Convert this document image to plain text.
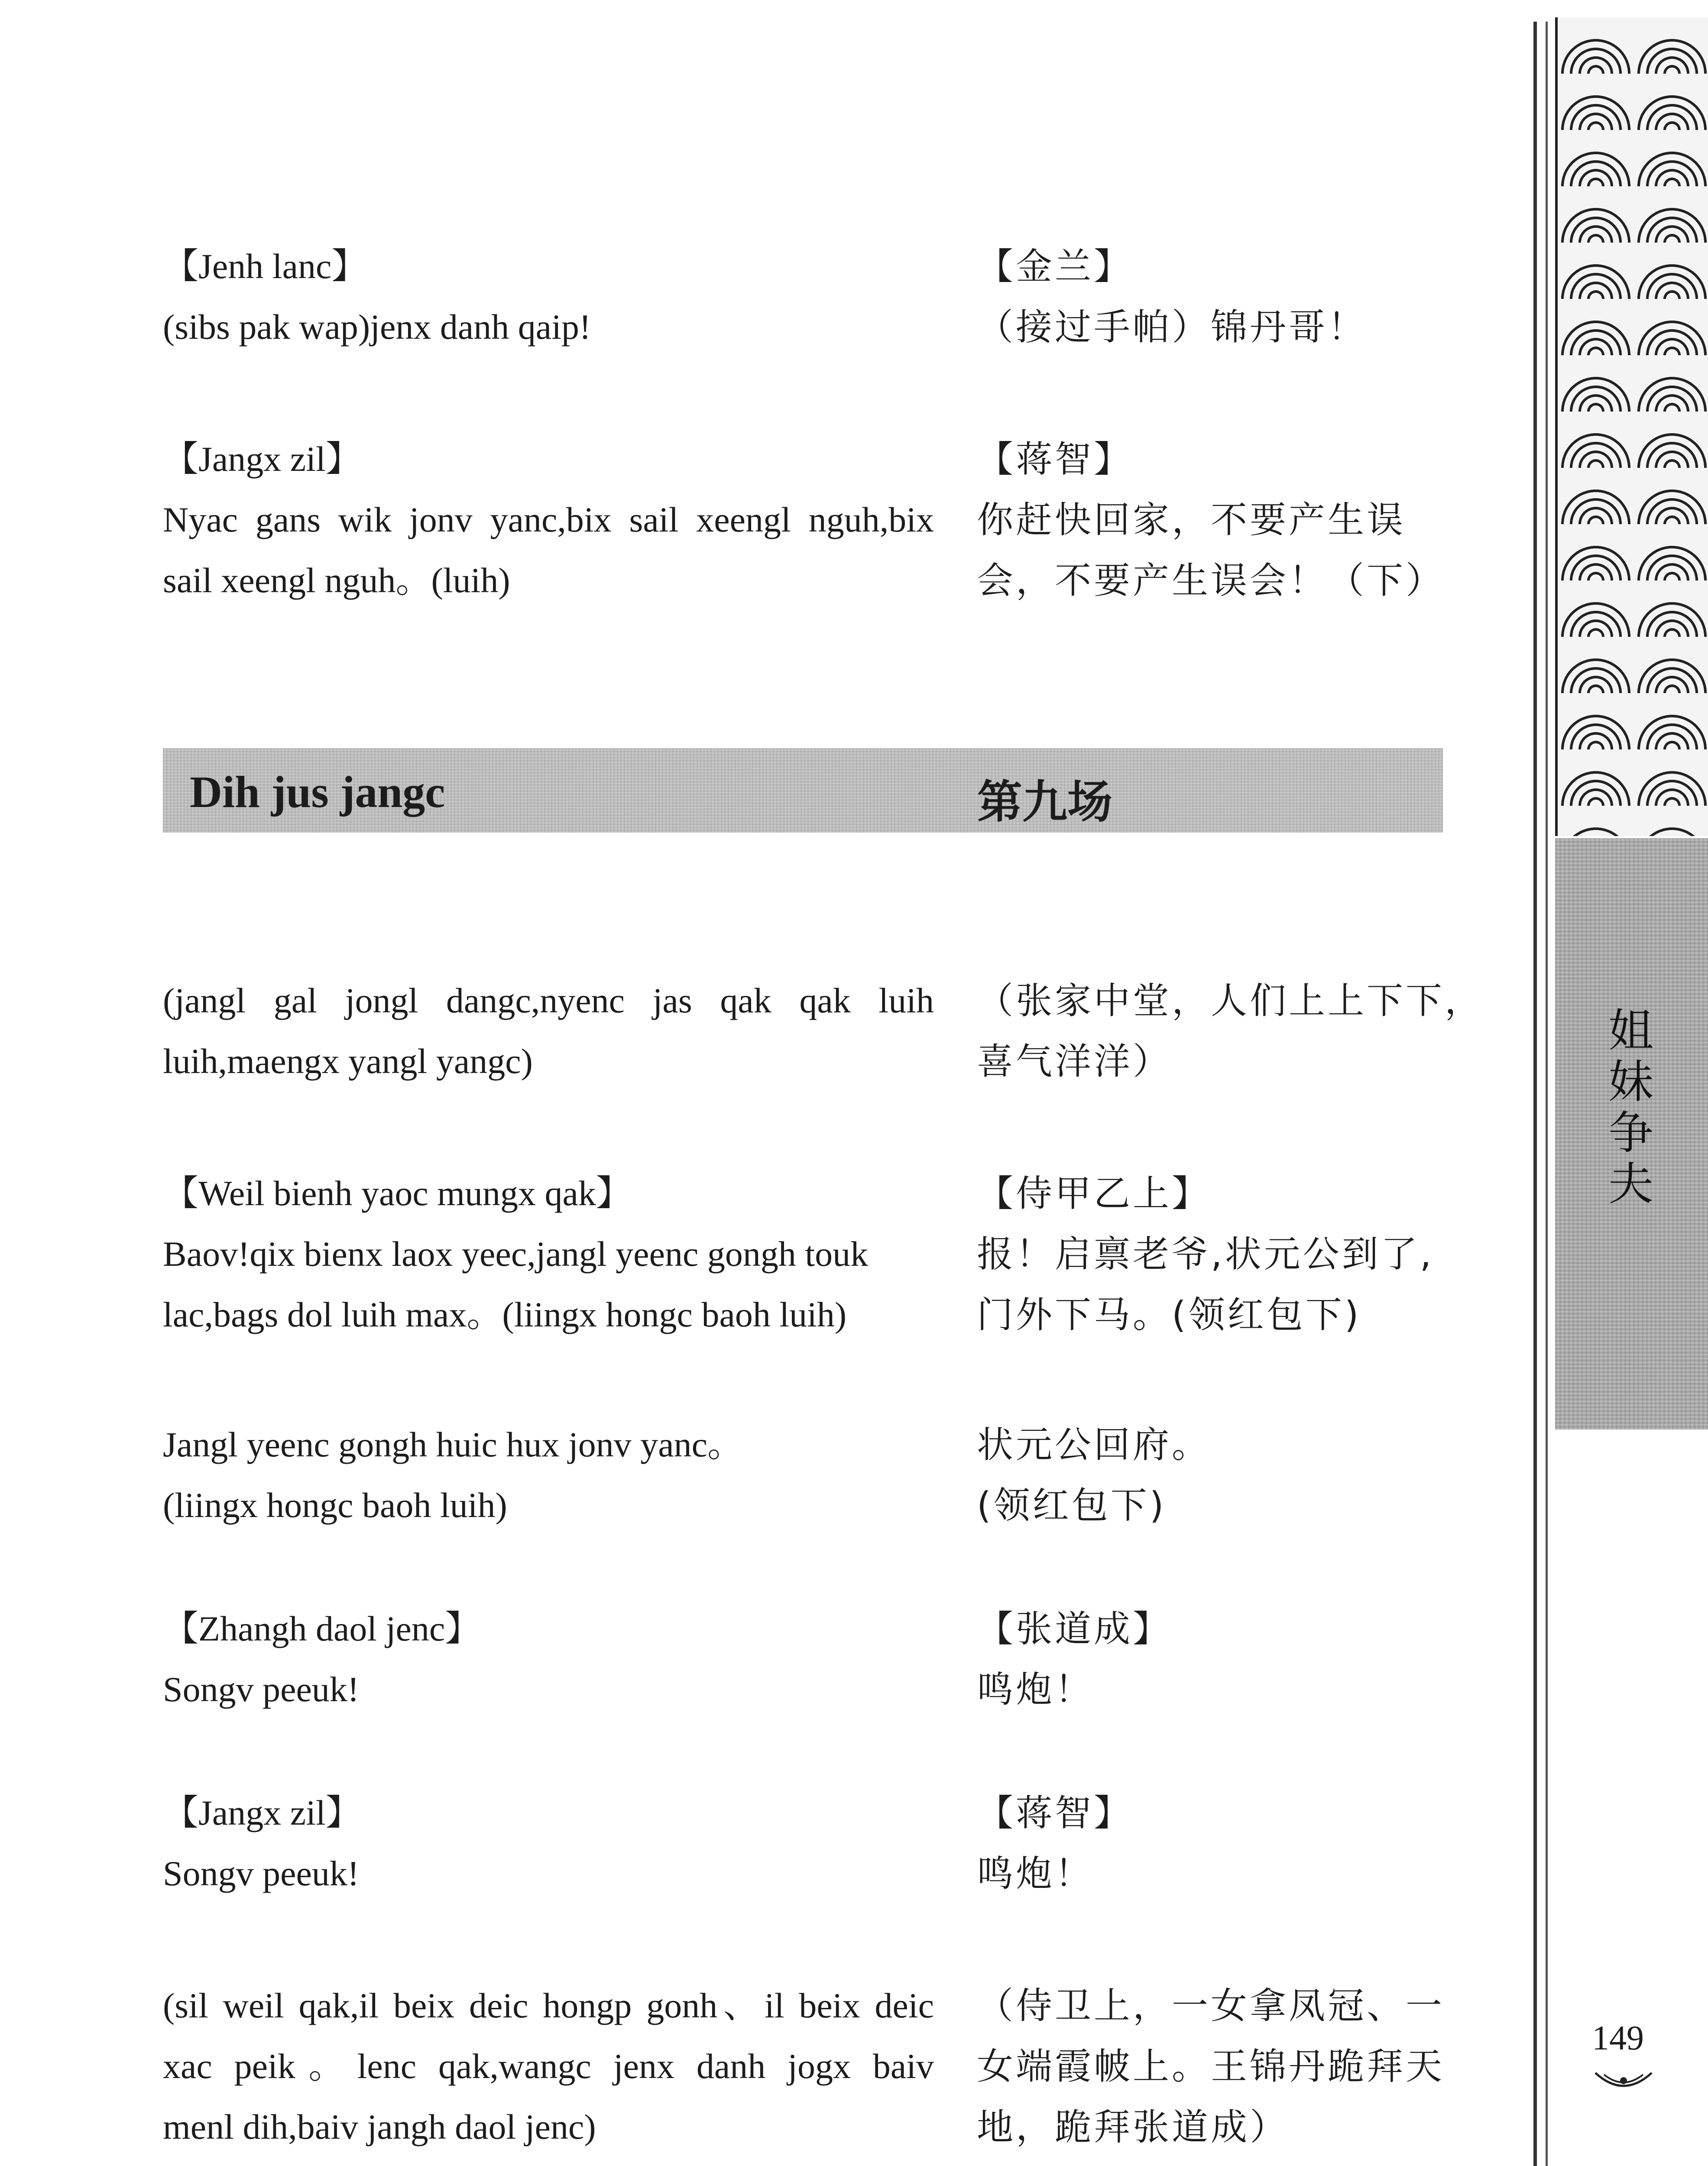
【Jenh lanc】
(sibs pak wap)jenx danh qaip!
【金兰】
（接过手帕）锦丹哥！
【Jangx zil】
Nyac gans wik jonv yanc,bix sail xeengl nguh,bix
sail xeengl nguh。(luih)
【蒋智】
你赶快回家，不要产生误
会，不要产生误会！（下）
Dih jus jangc	第九场
(jangl gal jongl dangc,nyenc jas qak qak luih
luih,maengx yangl yangc)
（张家中堂，人们上上下下，
喜气洋洋）
【Weil bienh yaoc mungx qak】
Baov!qix bienx laox yeec,jangl yeenc gongh touk
lac,bags dol luih max。(liingx hongc baoh luih)
【侍甲乙上】
报！启禀老爷,状元公到了,
门外下马。(领红包下)
Jangl yeenc gongh huic hux jonv yanc。
(liingx hongc baoh luih)
状元公回府。
(领红包下)
【Zhangh daol jenc】
Songv peeuk!
【张道成】
鸣炮！
【Jangx zil】
Songv peeuk!
【蒋智】
鸣炮！
(sil weil qak,il beix deic hongp gonh、il beix deic
xac peik。lenc qak,wangc jenx danh jogx baiv
menl dih,baiv jangh daol jenc)
（侍卫上，一女拿凤冠、一
女端霞帔上。王锦丹跪拜天
地，跪拜张道成）
姐
妹
争
夫
149
